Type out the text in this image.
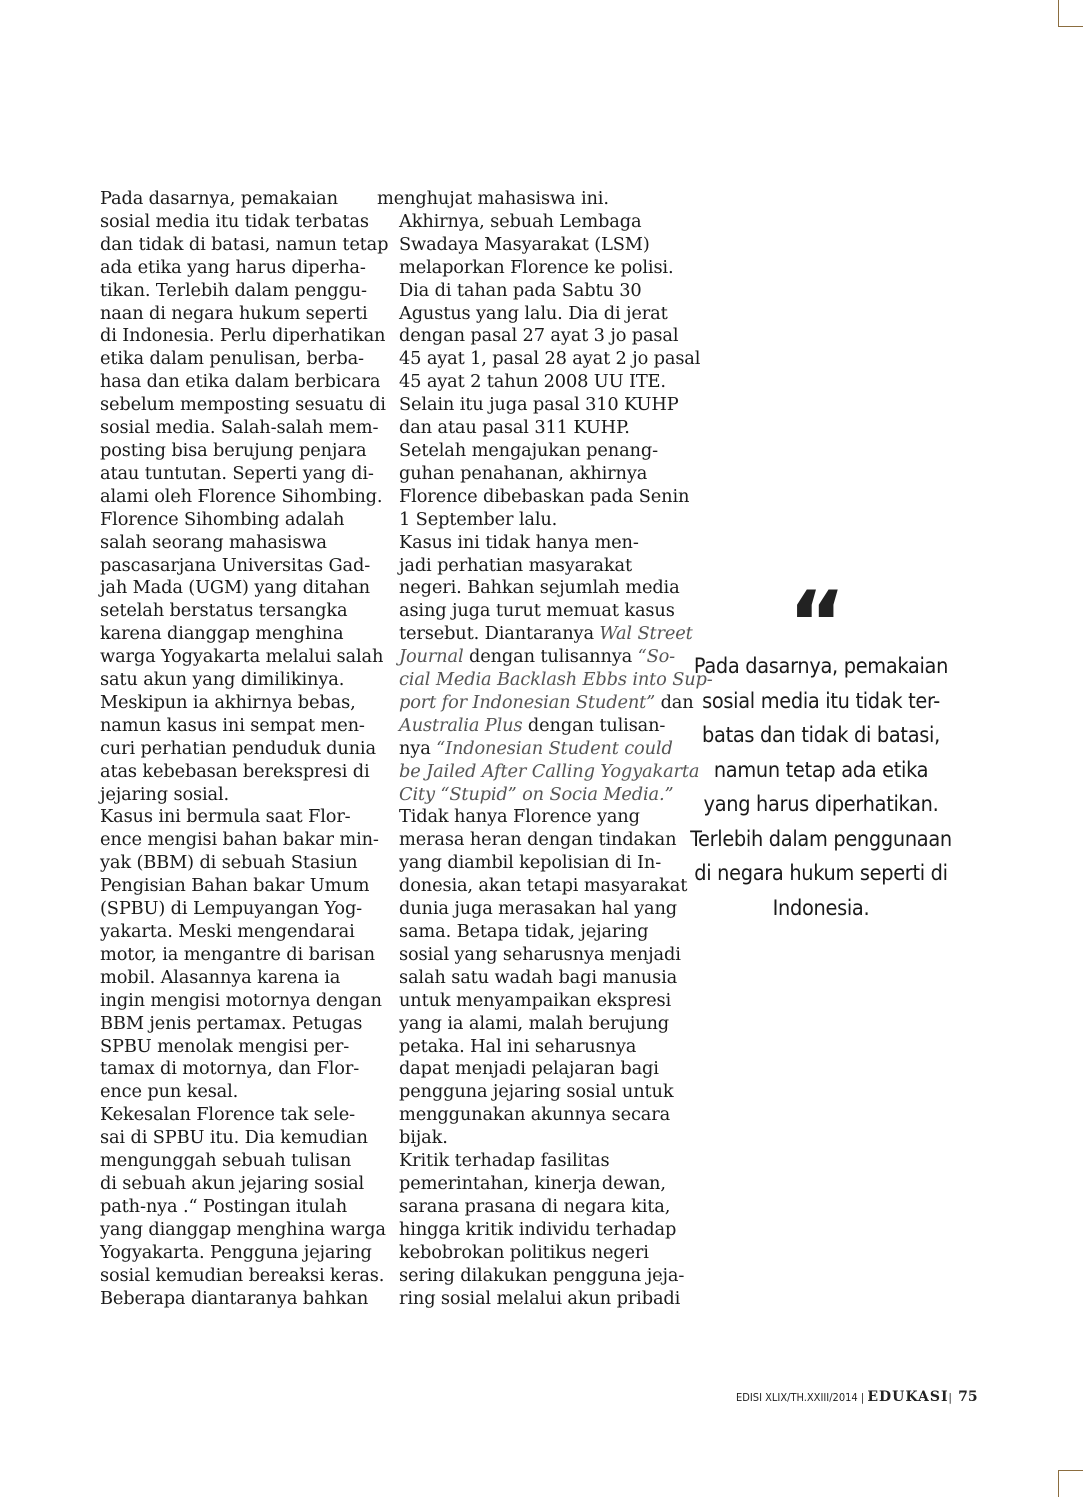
Pada dasarnya, pemakaian
sosial media itu tidak terbatas
dan tidak di batasi, namun tetap
ada etika yang harus diperha-
tikan. Terlebih dalam penggu-
naan di negara hukum seperti
di Indonesia. Perlu diperhatikan
etika dalam penulisan, berba-
hasa dan etika dalam berbicara
sebelum memposting sesuatu di
sosial media. Salah-salah mem-
posting bisa berujung penjara
atau tuntutan. Seperti yang di-
alami oleh Florence Sihombing.
Florence Sihombing adalah
salah seorang mahasiswa
pascasarjana Universitas Gad-
jah Mada (UGM) yang ditahan
setelah berstatus tersangka
karena dianggap menghina
warga Yogyakarta melalui salah
satu akun yang dimilikinya.
Meskipun ia akhirnya bebas,
namun kasus ini sempat men-
curi perhatian penduduk dunia
atas kebebasan berekspresi di
jejaring sosial.
Kasus ini bermula saat Flor-
ence mengisi bahan bakar min-
yak (BBM) di sebuah Stasiun
Pengisian Bahan bakar Umum
(SPBU) di Lempuyangan Yog-
yakarta. Meski mengendarai
motor, ia mengantre di barisan
mobil. Alasannya karena ia
ingin mengisi motornya dengan
BBM jenis pertamax. Petugas
SPBU menolak mengisi per-
tamax di motornya, dan Flor-
ence pun kesal.
Kekesalan Florence tak sele-
sai di SPBU itu. Dia kemudian
mengunggah sebuah tulisan
di sebuah akun jejaring sosial
path-nya .“ Postingan itulah
yang dianggap menghina warga
Yogyakarta. Pengguna jejaring
sosial kemudian bereaksi keras.
Beberapa diantaranya bahkan
menghujat mahasiswa ini.
Akhirnya, sebuah Lembaga
Swadaya Masyarakat (LSM)
melaporkan Florence ke polisi.
Dia di tahan pada Sabtu 30
Agustus yang lalu. Dia di jerat
dengan pasal 27 ayat 3 jo pasal
45 ayat 1, pasal 28 ayat 2 jo pasal
45 ayat 2 tahun 2008 UU ITE.
Selain itu juga pasal 310 KUHP
dan atau pasal 311 KUHP.
Setelah mengajukan penang-
guhan penahanan, akhirnya
Florence dibebaskan pada Senin
1 September lalu.
Kasus ini tidak hanya men-
jadi perhatian masyarakat
negeri. Bahkan sejumlah media
asing juga turut memuat kasus
tersebut. Diantaranya Wal Street
Journal dengan tulisannya “So-
cial Media Backlash Ebbs into Sup-
port for Indonesian Student” dan
Australia Plus dengan tulisan-
nya “Indonesian Student could
be Jailed After Calling Yogyakarta
City “Stupid” on Socia Media.”
Tidak hanya Florence yang
merasa heran dengan tindakan
yang diambil kepolisian di In-
donesia, akan tetapi masyarakat
dunia juga merasakan hal yang
sama. Betapa tidak, jejaring
sosial yang seharusnya menjadi
salah satu wadah bagi manusia
untuk menyampaikan ekspresi
yang ia alami, malah berujung
petaka. Hal ini seharusnya
dapat menjadi pelajaran bagi
pengguna jejaring sosial untuk
menggunakan akunnya secara
bijak.
Kritik terhadap fasilitas
pemerintahan, kinerja dewan,
sarana prasana di negara kita,
hingga kritik individu terhadap
kebobrokan politikus negeri
sering dilakukan pengguna jeja-
ring sosial melalui akun pribadi
“
Pada dasarnya, pemakaian
sosial media itu tidak ter-
batas dan tidak di batasi,
namun tetap ada etika
yang harus diperhatikan.
Terlebih dalam penggunaan
di negara hukum seperti di
Indonesia.
EDISI XLIX/TH.XXIII/2014 | EDUKASI| 75
